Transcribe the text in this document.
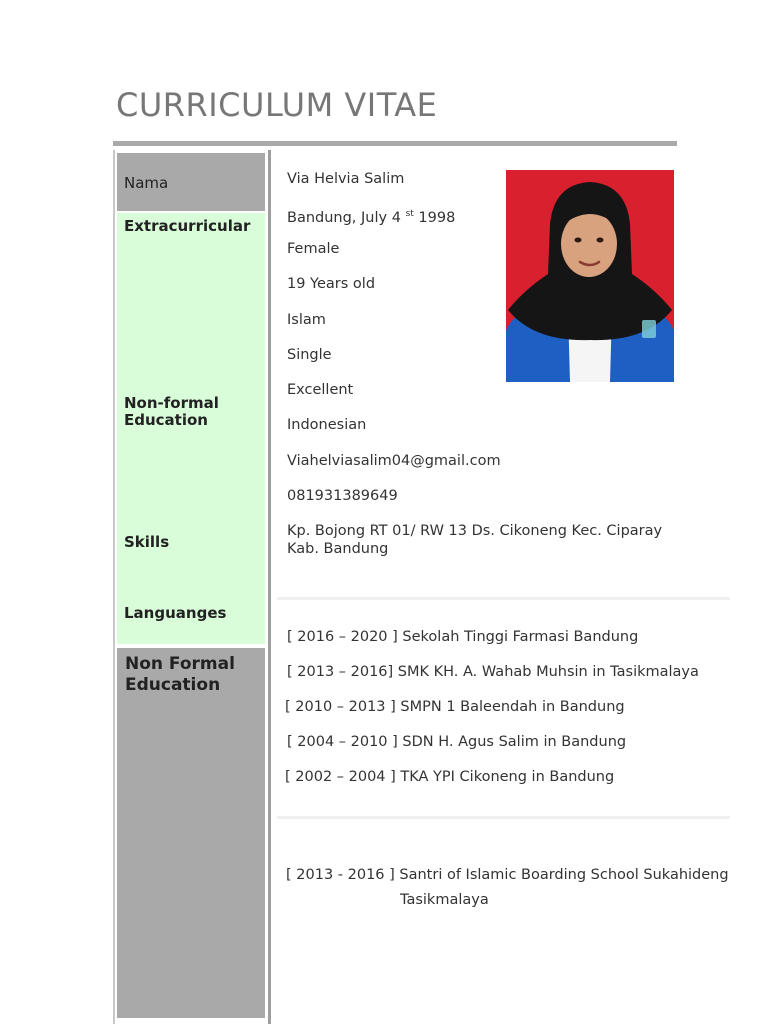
CURRICULUM VITAE
Nama
Extracurricular
Non-formal
Education
Skills
Languanges
Non Formal
Education
Via Helvia Salim
Bandung, July 4 $^{st}$ 1998
Female
19 Years old
Islam
Single
Excellent
Indonesian
Viahelviasalim04@gmail.com
081931389649
Kp. Bojong RT 01/ RW 13 Ds. Cikoneng Kec. Ciparay Kab. Bandung
[ 2016 – 2020 ] Sekolah Tinggi Farmasi Bandung
[ 2013 – 2016] SMK KH. A. Wahab Muhsin in Tasikmalaya
[ 2010 – 2013 ] SMPN 1 Baleendah in Bandung
[ 2004 – 2010 ] SDN H. Agus Salim in Bandung
[ 2002 – 2004 ] TKA YPI Cikoneng in Bandung
[ 2013 - 2016 ] Santri of Islamic Boarding School Sukahideng
Tasikmalaya
